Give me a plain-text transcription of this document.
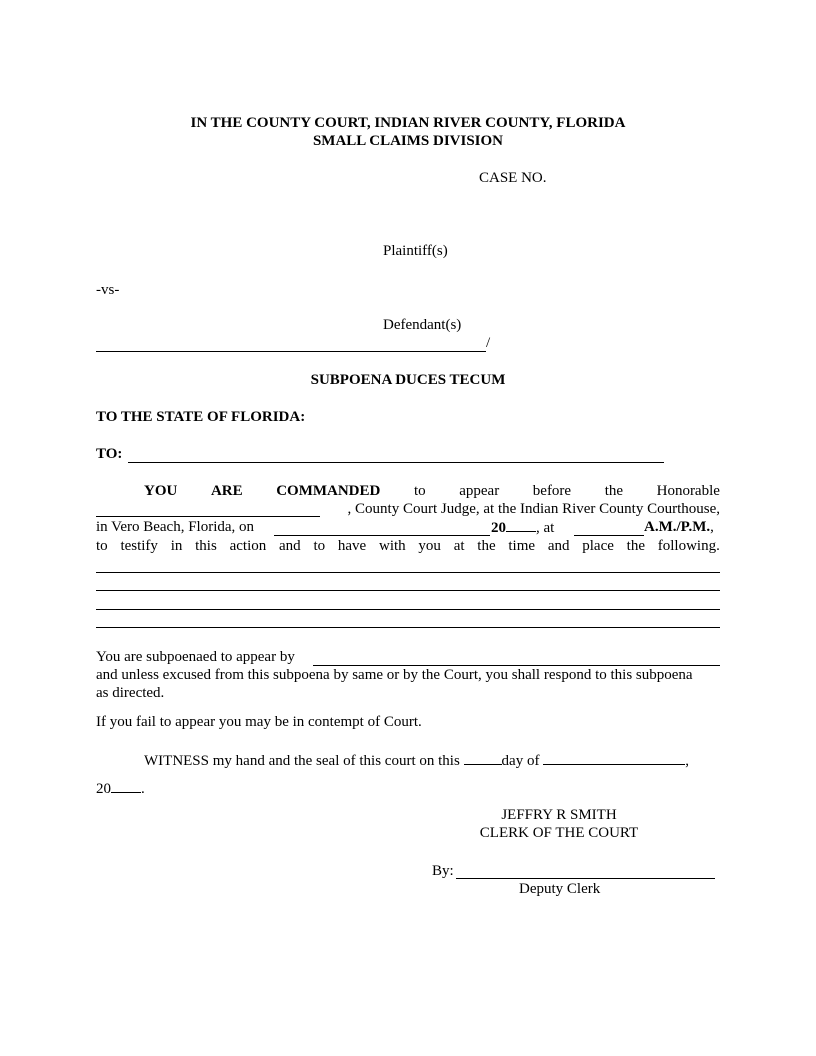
IN THE COUNTY COURT, INDIAN RIVER COUNTY, FLORIDA
SMALL CLAIMS DIVISION
CASE NO.
Plaintiff(s)
-vs-
Defendant(s)
/
SUBPOENA DUCES TECUM
TO THE STATE OF FLORIDA:
TO:
YOU ARE COMMANDED to appear before the Honorable
, County Court Judge, at the Indian River County Courthouse,
in Vero Beach, Florida, on	20 , at	A.M./P.M.,
to testify in this action and to have with you at the time and place the following.
You are subpoenaed to appear by
and unless excused from this subpoena by same or by the Court, you shall respond to this subpoena
as directed.
If you fail to appear you may be in contempt of Court.
WITNESS my hand and the seal of this court on this	day of	,
20 .
JEFFRY R SMITH
CLERK OF THE COURT
By:
Deputy Clerk
